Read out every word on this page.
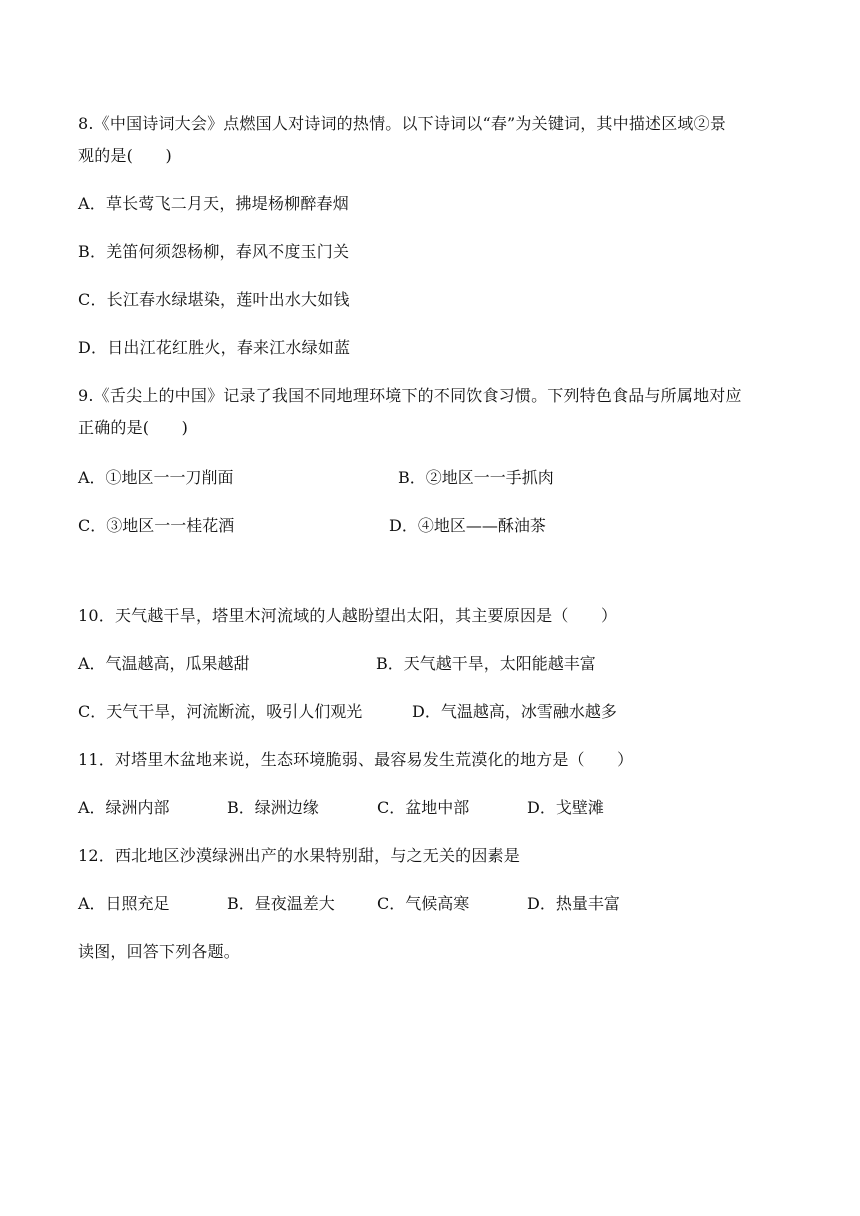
8.《中国诗词大会》点燃国人对诗词的热情。以下诗词以“春”为关键词，其中描述区域②景
观的是(　　)
A．草长莺飞二月天，拂堤杨柳醉春烟
B．羌笛何须怨杨柳，春风不度玉门关
C．长江春水绿堪染，莲叶出水大如钱
D．日出江花红胜火，春来江水绿如蓝
9.《舌尖上的中国》记录了我国不同地理环境下的不同饮食习惯。下列特色食品与所属地对应
正确的是(　　)
A．①地区一一刀削面	B．②地区一一手抓肉
C．③地区一一桂花酒	D．④地区——酥油茶
10．天气越干旱，塔里木河流域的人越盼望出太阳，其主要原因是（　　）
A．气温越高，瓜果越甜	B．天气越干旱，太阳能越丰富
C．天气干旱，河流断流，吸引人们观光	D．气温越高，冰雪融水越多
11．对塔里木盆地来说，生态环境脆弱、最容易发生荒漠化的地方是（　　）
A．绿洲内部	B．绿洲边缘	C．盆地中部	D．戈壁滩
12．西北地区沙漠绿洲出产的水果特别甜，与之无关的因素是
A．日照充足	B．昼夜温差大	C．气候高寒	D．热量丰富
读图，回答下列各题。
